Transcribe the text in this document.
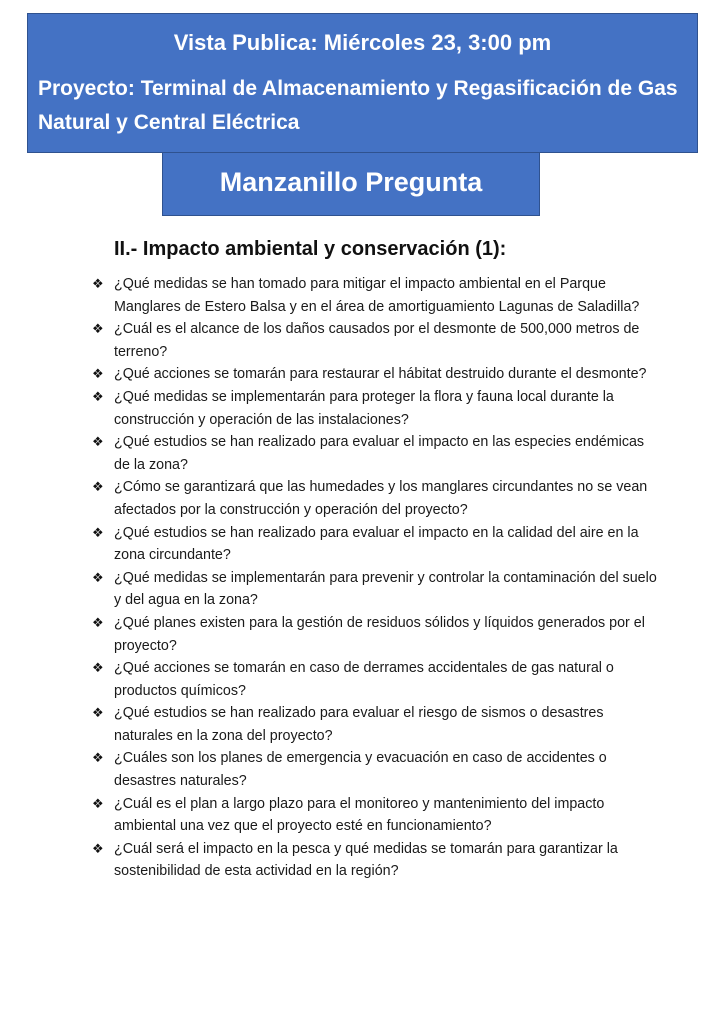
Vista Publica: Miércoles 23, 3:00 pm
Proyecto: Terminal de Almacenamiento y Regasificación de Gas Natural y Central Eléctrica
Manzanillo Pregunta
II.- Impacto ambiental y conservación (1):
❖ ¿Qué medidas se han tomado para mitigar el impacto ambiental en el Parque Manglares de Estero Balsa y en el área de amortiguamiento Lagunas de Saladilla?
❖ ¿Cuál es el alcance de los daños causados por el desmonte de 500,000 metros de terreno?
❖ ¿Qué acciones se tomarán para restaurar el hábitat destruido durante el desmonte?
❖ ¿Qué medidas se implementarán para proteger la flora y fauna local durante la construcción y operación de las instalaciones?
❖ ¿Qué estudios se han realizado para evaluar el impacto en las especies endémicas de la zona?
❖ ¿Cómo se garantizará que las humedades y los manglares circundantes no se vean afectados por la construcción y operación del proyecto?
❖ ¿Qué estudios se han realizado para evaluar el impacto en la calidad del aire en la zona circundante?
❖ ¿Qué medidas se implementarán para prevenir y controlar la contaminación del suelo y del agua en la zona?
❖ ¿Qué planes existen para la gestión de residuos sólidos y líquidos generados por el proyecto?
❖ ¿Qué acciones se tomarán en caso de derrames accidentales de gas natural o productos químicos?
❖ ¿Qué estudios se han realizado para evaluar el riesgo de sismos o desastres naturales en la zona del proyecto?
❖ ¿Cuáles son los planes de emergencia y evacuación en caso de accidentes o desastres naturales?
❖ ¿Cuál es el plan a largo plazo para el monitoreo y mantenimiento del impacto ambiental una vez que el proyecto esté en funcionamiento?
❖ ¿Cuál será el impacto en la pesca y qué medidas se tomarán para garantizar la sostenibilidad de esta actividad en la región?
